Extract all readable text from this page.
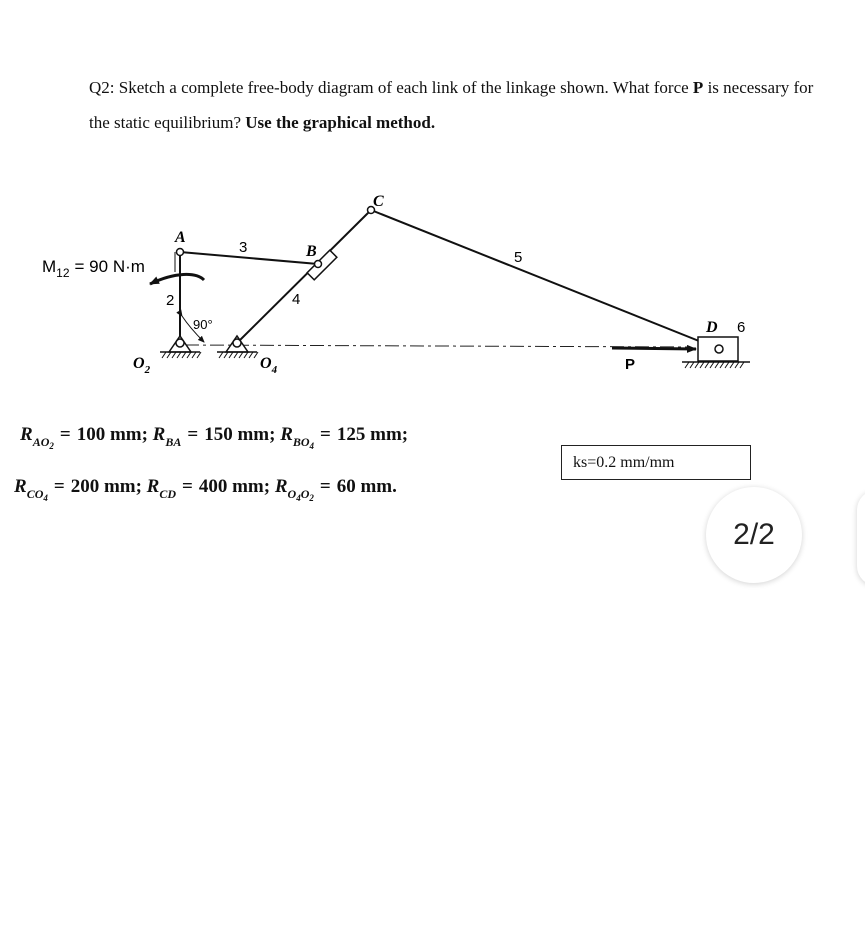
Q2: Sketch a complete free-body diagram of each link of the linkage shown. What force P is necessary for the static equilibrium? Use the graphical method.
$M_{12} = 90$ N·m
A
B
C
D
2
3
4
5
6
90°
$O_2$	$O_4$	P
$R_{AO_2}= 100$ mm; $R_{BA} = 150$ mm; $R_{BO_4}= 125$ mm;
$R_{CO_4}= 200$ mm; $R_{CD} = 400$ mm; $R_{O_4O_2}= 60$ mm.
ks=0.2 mm/mm
2/2
